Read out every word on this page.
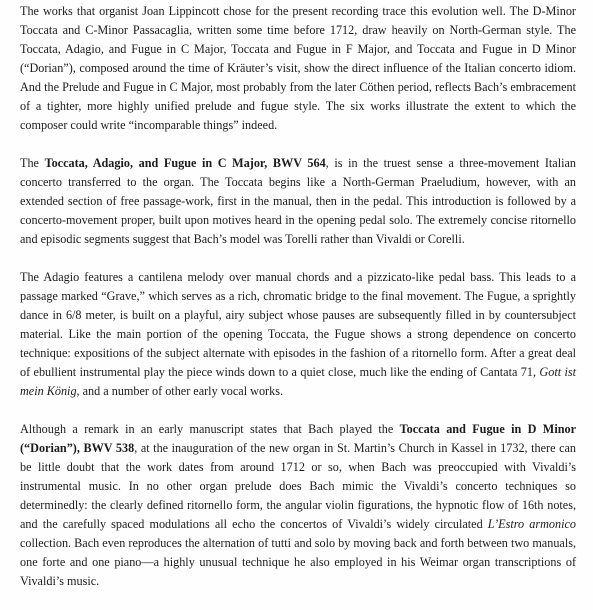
The works that organist Joan Lippincott chose for the present recording trace this evolution well. The D-Minor Toccata and C-Minor Passacaglia, written some time before 1712, draw heavily on North-German style. The Toccata, Adagio, and Fugue in C Major, Toccata and Fugue in F Major, and Toccata and Fugue in D Minor (“Dorian”), composed around the time of Kräuter’s visit, show the direct influence of the Italian concerto idiom. And the Prelude and Fugue in C Major, most probably from the later Cöthen period, reflects Bach’s embracement of a tighter, more highly unified prelude and fugue style. The six works illustrate the extent to which the composer could write “incomparable things” indeed.

The Toccata, Adagio, and Fugue in C Major, BWV 564, is in the truest sense a three-movement Italian concerto transferred to the organ. The Toccata begins like a North-German Praeludium, however, with an extended section of free passage-work, first in the manual, then in the pedal. This introduction is followed by a concerto-movement proper, built upon motives heard in the opening pedal solo. The extremely concise ritornello and episodic segments suggest that Bach’s model was Torelli rather than Vivaldi or Corelli.

The Adagio features a cantilena melody over manual chords and a pizzicato-like pedal bass. This leads to a passage marked “Grave,” which serves as a rich, chromatic bridge to the final movement. The Fugue, a sprightly dance in 6/8 meter, is built on a playful, airy subject whose pauses are subsequently filled in by countersubject material. Like the main portion of the opening Toccata, the Fugue shows a strong dependence on concerto technique: expositions of the subject alternate with episodes in the fashion of a ritornello form. After a great deal of ebullient instrumental play the piece winds down to a quiet close, much like the ending of Cantata 71, Gott ist mein König, and a number of other early vocal works.

Although a remark in an early manuscript states that Bach played the Toccata and Fugue in D Minor (“Dorian”), BWV 538, at the inauguration of the new organ in St. Martin’s Church in Kassel in 1732, there can be little doubt that the work dates from around 1712 or so, when Bach was preoccupied with Vivaldi’s instrumental music. In no other organ prelude does Bach mimic the Vivaldi’s concerto techniques so determinedly: the clearly defined ritornello form, the angular violin figurations, the hypnotic flow of 16th notes, and the carefully spaced modulations all echo the concertos of Vivaldi’s widely circulated L’Estro armonico collection. Bach even reproduces the alternation of tutti and solo by moving back and forth between two manuals, one forte and one piano—a highly unusual technique he also employed in his Weimar organ transcriptions of Vivaldi’s music.
